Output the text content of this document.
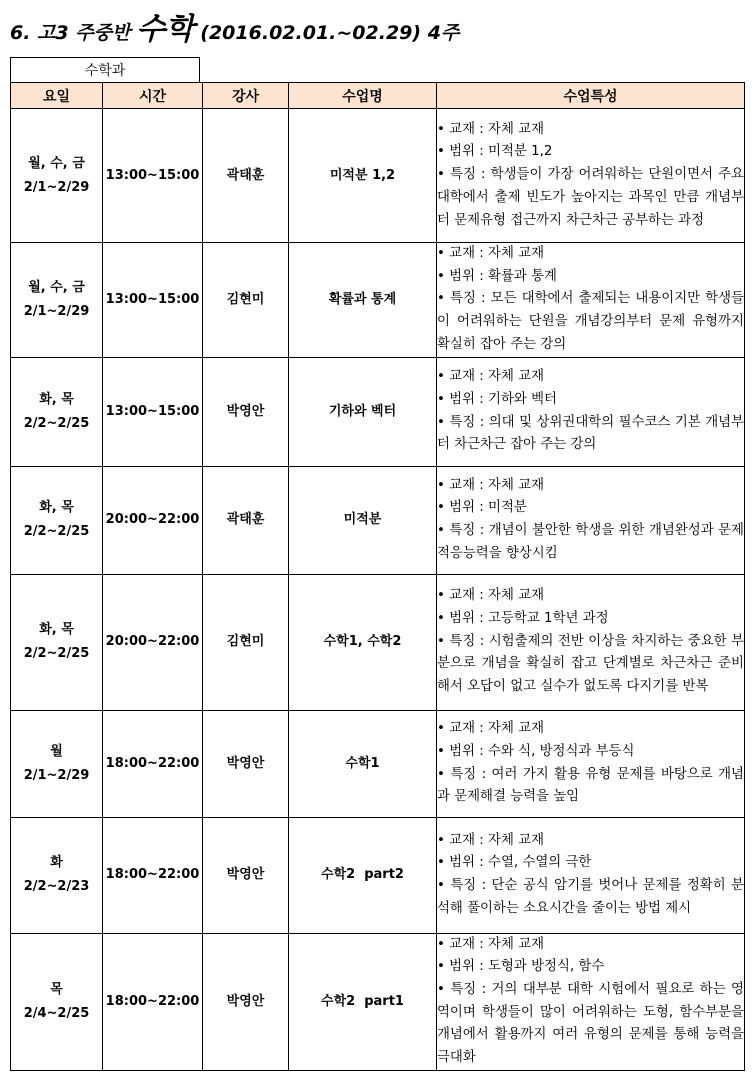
6. 고3 주중반 수학 (2016.02.01.~02.29) 4주
수학과
요일	시간	강사	수업명	수업특성

월, 수, 금
2/1~2/29	13:00~15:00	곽태훈	미적분 1,2	• 교재 : 자체 교재
• 범위 : 미적분 1,2
• 특징 : 학생들이 가장 어려워하는 단원이면서 주요대학에서 출제 빈도가 높아지는 과목인 만큼 개념부터 문제유형 접근까지 차근차근 공부하는 과정

월, 수, 금
2/1~2/29	13:00~15:00	김현미	확률과 통계	• 교재 : 자체 교재
• 범위 : 확률과 통계
• 특징 : 모든 대학에서 출제되는 내용이지만 학생들이 어려워하는 단원을 개념강의부터 문제 유형까지 확실히 잡아 주는 강의

화, 목
2/2~2/25	13:00~15:00	박영안	기하와 벡터	• 교재 : 자체 교재
• 범위 : 기하와 벡터
• 특징 : 의대 및 상위권대학의 필수코스 기본 개념부터 차근차근 잡아 주는 강의

화, 목
2/2~2/25	20:00~22:00	곽태훈	미적분	• 교재 : 자체 교재
• 범위 : 미적분
• 특징 : 개념이 불안한 학생을 위한 개념완성과 문제 적응능력을 향상시킴

화, 목
2/2~2/25	20:00~22:00	김현미	수학1, 수학2	• 교재 : 자체 교재
• 범위 : 고등학교 1학년 과정
• 특징 : 시험출제의 전반 이상을 차지하는 중요한 부분으로 개념을 확실히 잡고 단계별로 차근차근 준비해서 오답이 없고 실수가 없도록 다지기를 반복

월
2/1~2/29	18:00~22:00	박영안	수학1	• 교재 : 자체 교재
• 범위 : 수와 식, 방정식과 부등식
• 특징 : 여러 가지 활용 유형 문제를 바탕으로 개념과 문제해결 능력을 높임

화
2/2~2/23	18:00~22:00	박영안	수학2  part2	• 교재 : 자체 교재
• 범위 : 수열, 수열의 극한
• 특징 : 단순 공식 암기를 벗어나 문제를 정확히 분석해 풀이하는 소요시간을 줄이는 방법 제시

목
2/4~2/25	18:00~22:00	박영안	수학2  part1	• 교재 : 자체 교재
• 범위 : 도형과 방정식, 함수
• 특징 : 거의 대부분 대학 시험에서 필요로 하는 영역이며 학생들이 많이 어려워하는 도형, 함수부분을 개념에서 활용까지 여러 유형의 문제를 통해 능력을 극대화
